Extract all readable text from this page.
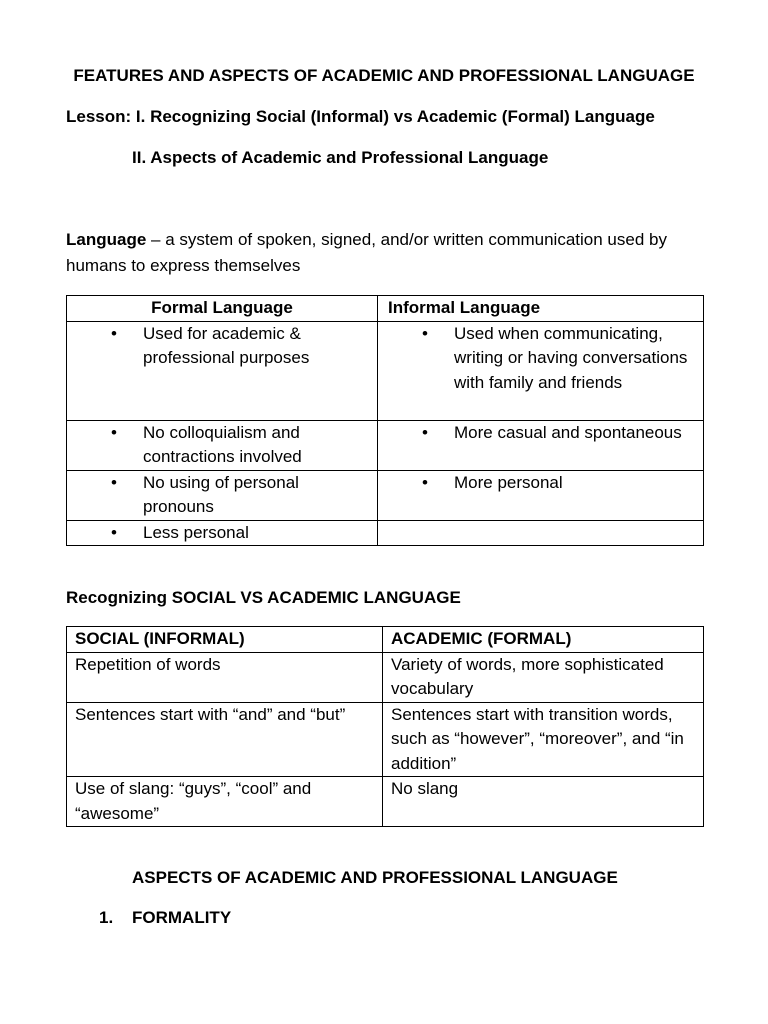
FEATURES AND ASPECTS OF ACADEMIC AND PROFESSIONAL LANGUAGE
Lesson: I. Recognizing Social (Informal) vs Academic (Formal) Language
II. Aspects of Academic and Professional Language
Language – a system of spoken, signed, and/or written communication used by humans to express themselves
Formal Language	Informal Language

• Used for academic & professional purposes	• Used when communicating, writing or having conversations with family and friends

• No colloquialism and contractions involved	• More casual and spontaneous

• No using of personal pronouns	• More personal

• Less personal	

Recognizing SOCIAL VS ACADEMIC LANGUAGE
SOCIAL (INFORMAL)	ACADEMIC (FORMAL)
Repetition of words	Variety of words, more sophisticated vocabulary
Sentences start with “and” and “but”	Sentences start with transition words, such as “however”, “moreover”, and “in addition”
Use of slang: “guys”, “cool” and “awesome”	No slang
ASPECTS OF ACADEMIC AND PROFESSIONAL LANGUAGE
1. FORMALITY
